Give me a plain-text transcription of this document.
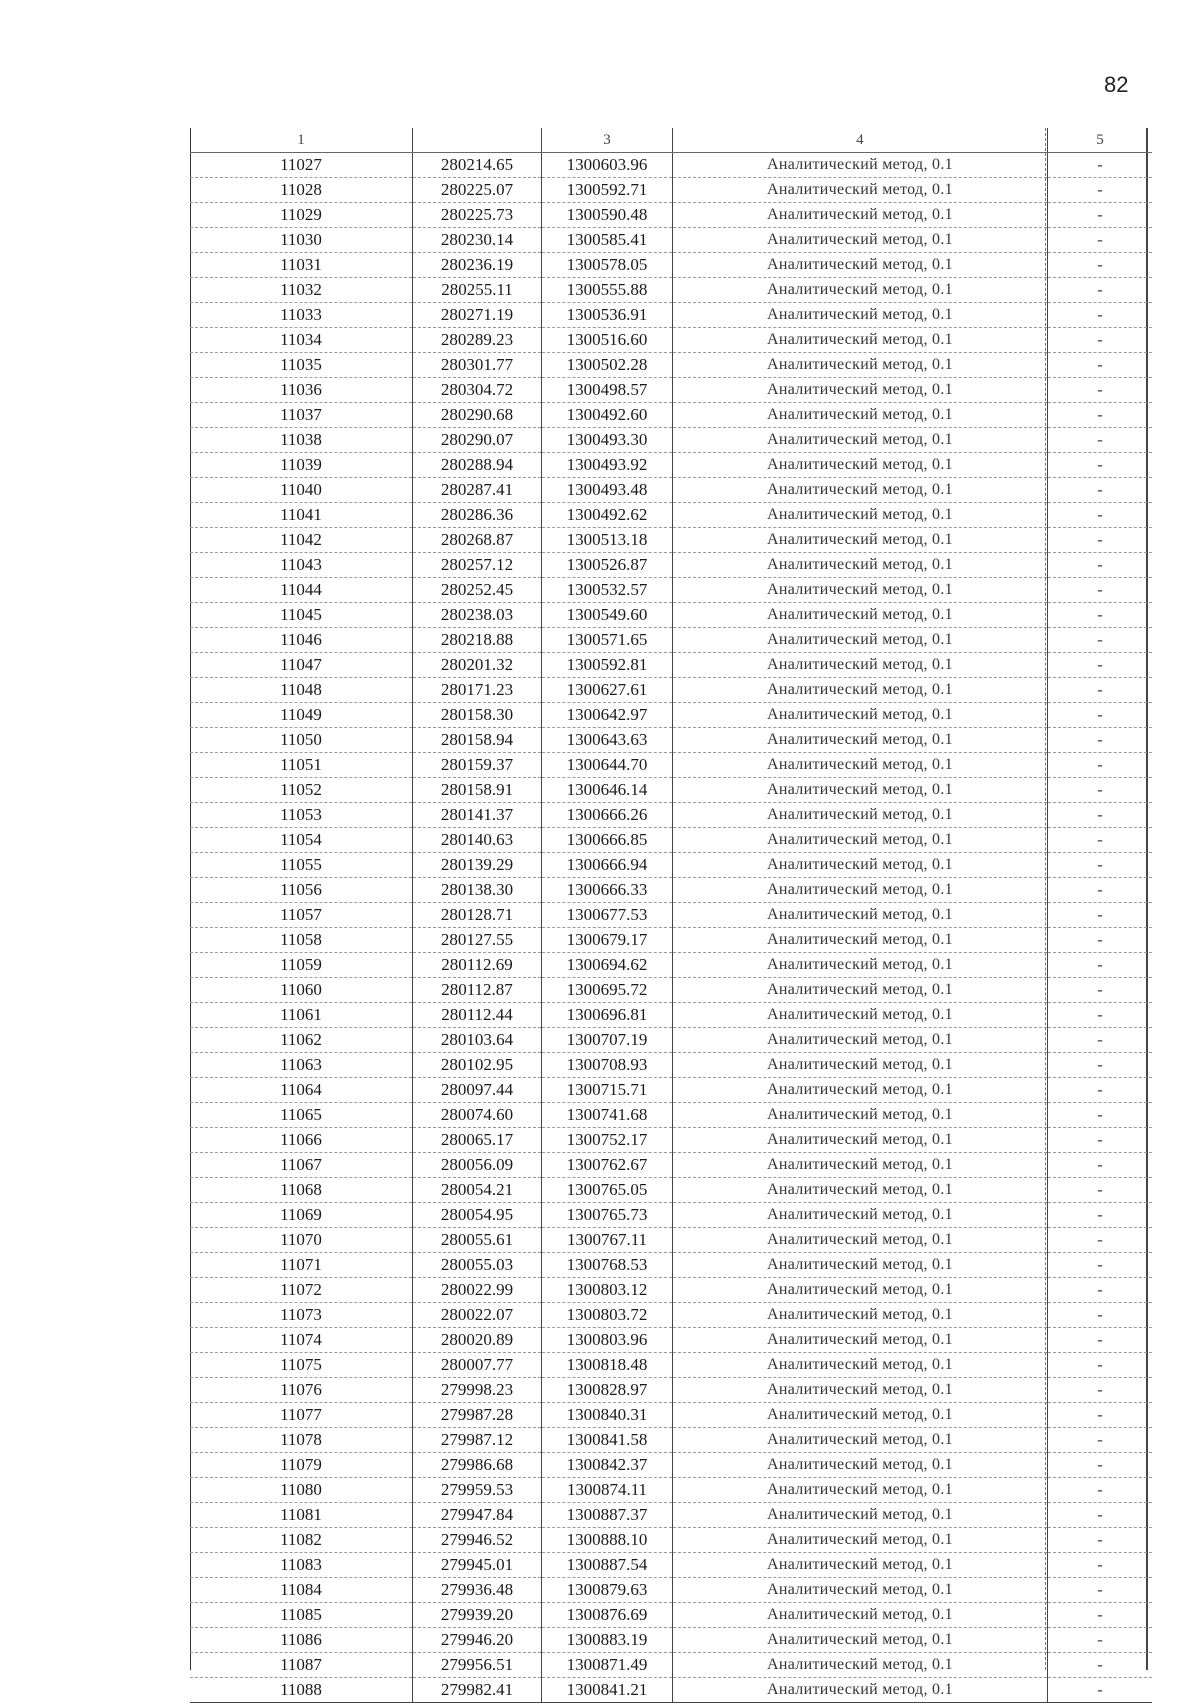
82
1		3	4	5
11027	280214.65	1300603.96	Аналитический метод, 0.1	-
11028	280225.07	1300592.71	Аналитический метод, 0.1	-
11029	280225.73	1300590.48	Аналитический метод, 0.1	-
11030	280230.14	1300585.41	Аналитический метод, 0.1	-
11031	280236.19	1300578.05	Аналитический метод, 0.1	-
11032	280255.11	1300555.88	Аналитический метод, 0.1	-
11033	280271.19	1300536.91	Аналитический метод, 0.1	-
11034	280289.23	1300516.60	Аналитический метод, 0.1	-
11035	280301.77	1300502.28	Аналитический метод, 0.1	-
11036	280304.72	1300498.57	Аналитический метод, 0.1	-
11037	280290.68	1300492.60	Аналитический метод, 0.1	-
11038	280290.07	1300493.30	Аналитический метод, 0.1	-
11039	280288.94	1300493.92	Аналитический метод, 0.1	-
11040	280287.41	1300493.48	Аналитический метод, 0.1	-
11041	280286.36	1300492.62	Аналитический метод, 0.1	-
11042	280268.87	1300513.18	Аналитический метод, 0.1	-
11043	280257.12	1300526.87	Аналитический метод, 0.1	-
11044	280252.45	1300532.57	Аналитический метод, 0.1	-
11045	280238.03	1300549.60	Аналитический метод, 0.1	-
11046	280218.88	1300571.65	Аналитический метод, 0.1	-
11047	280201.32	1300592.81	Аналитический метод, 0.1	-
11048	280171.23	1300627.61	Аналитический метод, 0.1	-
11049	280158.30	1300642.97	Аналитический метод, 0.1	-
11050	280158.94	1300643.63	Аналитический метод, 0.1	-
11051	280159.37	1300644.70	Аналитический метод, 0.1	-
11052	280158.91	1300646.14	Аналитический метод, 0.1	-
11053	280141.37	1300666.26	Аналитический метод, 0.1	-
11054	280140.63	1300666.85	Аналитический метод, 0.1	-
11055	280139.29	1300666.94	Аналитический метод, 0.1	-
11056	280138.30	1300666.33	Аналитический метод, 0.1	-
11057	280128.71	1300677.53	Аналитический метод, 0.1	-
11058	280127.55	1300679.17	Аналитический метод, 0.1	-
11059	280112.69	1300694.62	Аналитический метод, 0.1	-
11060	280112.87	1300695.72	Аналитический метод, 0.1	-
11061	280112.44	1300696.81	Аналитический метод, 0.1	-
11062	280103.64	1300707.19	Аналитический метод, 0.1	-
11063	280102.95	1300708.93	Аналитический метод, 0.1	-
11064	280097.44	1300715.71	Аналитический метод, 0.1	-
11065	280074.60	1300741.68	Аналитический метод, 0.1	-
11066	280065.17	1300752.17	Аналитический метод, 0.1	-
11067	280056.09	1300762.67	Аналитический метод, 0.1	-
11068	280054.21	1300765.05	Аналитический метод, 0.1	-
11069	280054.95	1300765.73	Аналитический метод, 0.1	-
11070	280055.61	1300767.11	Аналитический метод, 0.1	-
11071	280055.03	1300768.53	Аналитический метод, 0.1	-
11072	280022.99	1300803.12	Аналитический метод, 0.1	-
11073	280022.07	1300803.72	Аналитический метод, 0.1	-
11074	280020.89	1300803.96	Аналитический метод, 0.1	-
11075	280007.77	1300818.48	Аналитический метод, 0.1	-
11076	279998.23	1300828.97	Аналитический метод, 0.1	-
11077	279987.28	1300840.31	Аналитический метод, 0.1	-
11078	279987.12	1300841.58	Аналитический метод, 0.1	-
11079	279986.68	1300842.37	Аналитический метод, 0.1	-
11080	279959.53	1300874.11	Аналитический метод, 0.1	-
11081	279947.84	1300887.37	Аналитический метод, 0.1	-
11082	279946.52	1300888.10	Аналитический метод, 0.1	-
11083	279945.01	1300887.54	Аналитический метод, 0.1	-
11084	279936.48	1300879.63	Аналитический метод, 0.1	-
11085	279939.20	1300876.69	Аналитический метод, 0.1	-
11086	279946.20	1300883.19	Аналитический метод, 0.1	-
11087	279956.51	1300871.49	Аналитический метод, 0.1	-
11088	279982.41	1300841.21	Аналитический метод, 0.1	-
